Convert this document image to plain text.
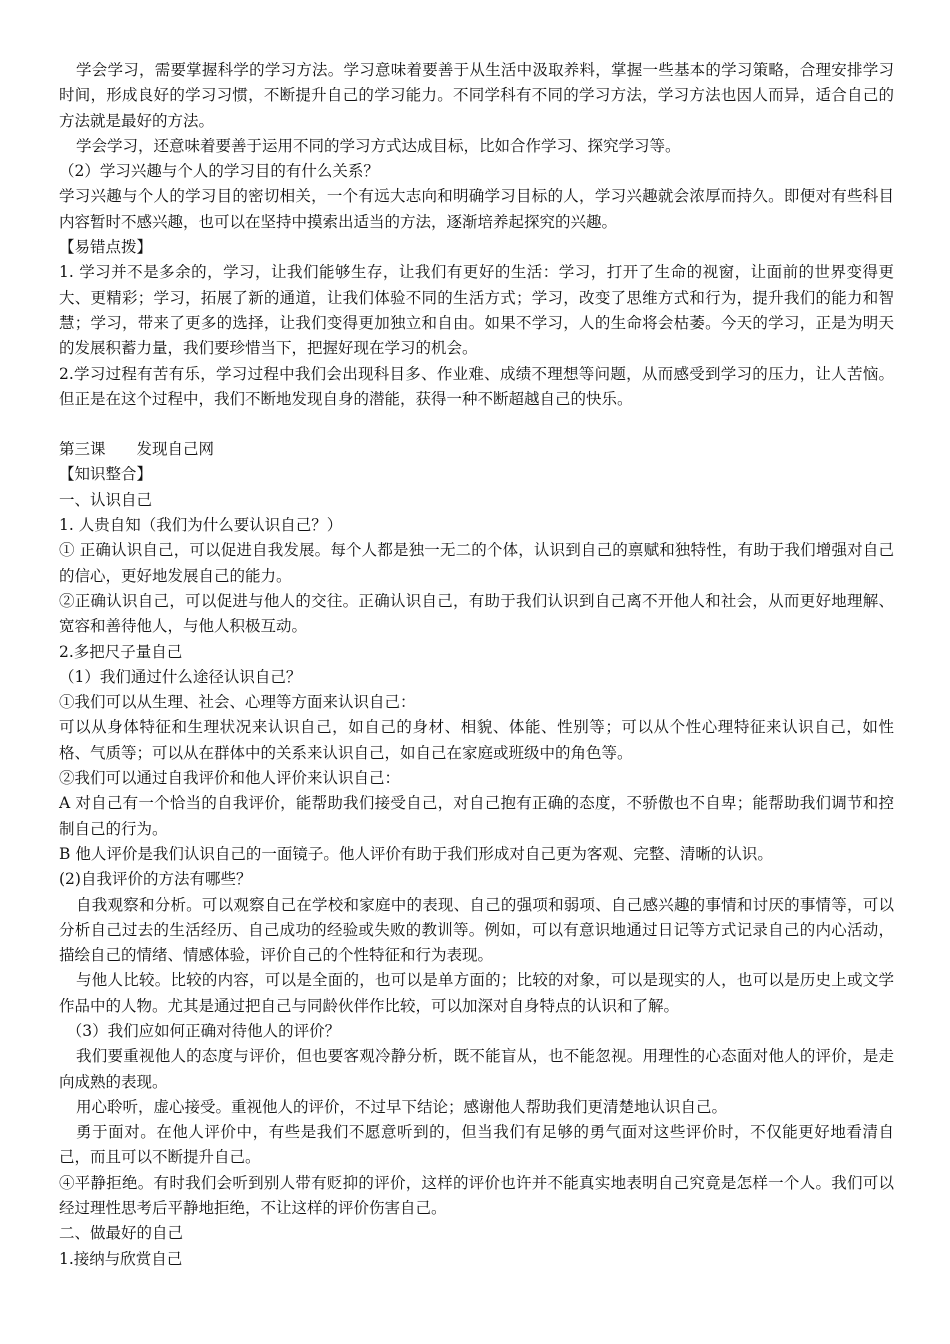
学会学习，需要掌握科学的学习方法。学习意味着要善于从生活中汲取养料，掌握一些基本的学习策略，合理安排学习时间，形成良好的学习习惯，不断提升自己的学习能力。不同学科有不同的学习方法，学习方法也因人而异，适合自己的方法就是最好的方法。

学会学习，还意味着要善于运用不同的学习方式达成目标，比如合作学习、探究学习等。

（2）学习兴趣与个人的学习目的有什么关系？

学习兴趣与个人的学习目的密切相关，一个有远大志向和明确学习目标的人，学习兴趣就会浓厚而持久。即便对有些科目内容暂时不感兴趣，也可以在坚持中摸索出适当的方法，逐渐培养起探究的兴趣。

【易错点拨】

1. 学习并不是多余的，学习，让我们能够生存，让我们有更好的生活：学习，打开了生命的视窗，让面前的世界变得更大、更精彩；学习，拓展了新的通道，让我们体验不同的生活方式；学习，改变了思维方式和行为，提升我们的能力和智慧；学习，带来了更多的选择，让我们变得更加独立和自由。如果不学习，人的生命将会枯萎。今天的学习，正是为明天的发展积蓄力量，我们要珍惜当下，把握好现在学习的机会。

2.学习过程有苦有乐，学习过程中我们会出现科目多、作业难、成绩不理想等问题，从而感受到学习的压力，让人苦恼。但正是在这个过程中，我们不断地发现自身的潜能，获得一种不断超越自己的快乐。

第三课　　发现自己网

【知识整合】

一、认识自己

1. 人贵自知（我们为什么要认识自己？）

① 正确认识自己，可以促进自我发展。每个人都是独一无二的个体，认识到自己的禀赋和独特性，有助于我们增强对自己的信心，更好地发展自己的能力。

②正确认识自己，可以促进与他人的交往。正确认识自己，有助于我们认识到自己离不开他人和社会，从而更好地理解、宽容和善待他人，与他人积极互动。

2.多把尺子量自己

（1）我们通过什么途径认识自己？

①我们可以从生理、社会、心理等方面来认识自己：

可以从身体特征和生理状况来认识自己，如自己的身材、相貌、体能、性别等；可以从个性心理特征来认识自己，如性格、气质等；可以从在群体中的关系来认识自己，如自己在家庭或班级中的角色等。

②我们可以通过自我评价和他人评价来认识自己：

A 对自己有一个恰当的自我评价，能帮助我们接受自己，对自己抱有正确的态度，不骄傲也不自卑；能帮助我们调节和控制自己的行为。

B 他人评价是我们认识自己的一面镜子。他人评价有助于我们形成对自己更为客观、完整、清晰的认识。

(2)自我评价的方法有哪些？

自我观察和分析。可以观察自己在学校和家庭中的表现、自己的强项和弱项、自己感兴趣的事情和讨厌的事情等，可以分析自己过去的生活经历、自己成功的经验或失败的教训等。例如，可以有意识地通过日记等方式记录自己的内心活动，描绘自己的情绪、情感体验，评价自己的个性特征和行为表现。

与他人比较。比较的内容，可以是全面的，也可以是单方面的；比较的对象，可以是现实的人，也可以是历史上或文学作品中的人物。尤其是通过把自己与同龄伙伴作比较，可以加深对自身特点的认识和了解。

（3）我们应如何正确对待他人的评价？

我们要重视他人的态度与评价，但也要客观冷静分析，既不能盲从，也不能忽视。用理性的心态面对他人的评价，是走向成熟的表现。

用心聆听，虚心接受。重视他人的评价，不过早下结论；感谢他人帮助我们更清楚地认识自己。

勇于面对。在他人评价中，有些是我们不愿意听到的，但当我们有足够的勇气面对这些评价时，不仅能更好地看清自己，而且可以不断提升自己。

④平静拒绝。有时我们会听到别人带有贬抑的评价，这样的评价也许并不能真实地表明自己究竟是怎样一个人。我们可以经过理性思考后平静地拒绝，不让这样的评价伤害自己。

二、做最好的自己

1.接纳与欣赏自己
